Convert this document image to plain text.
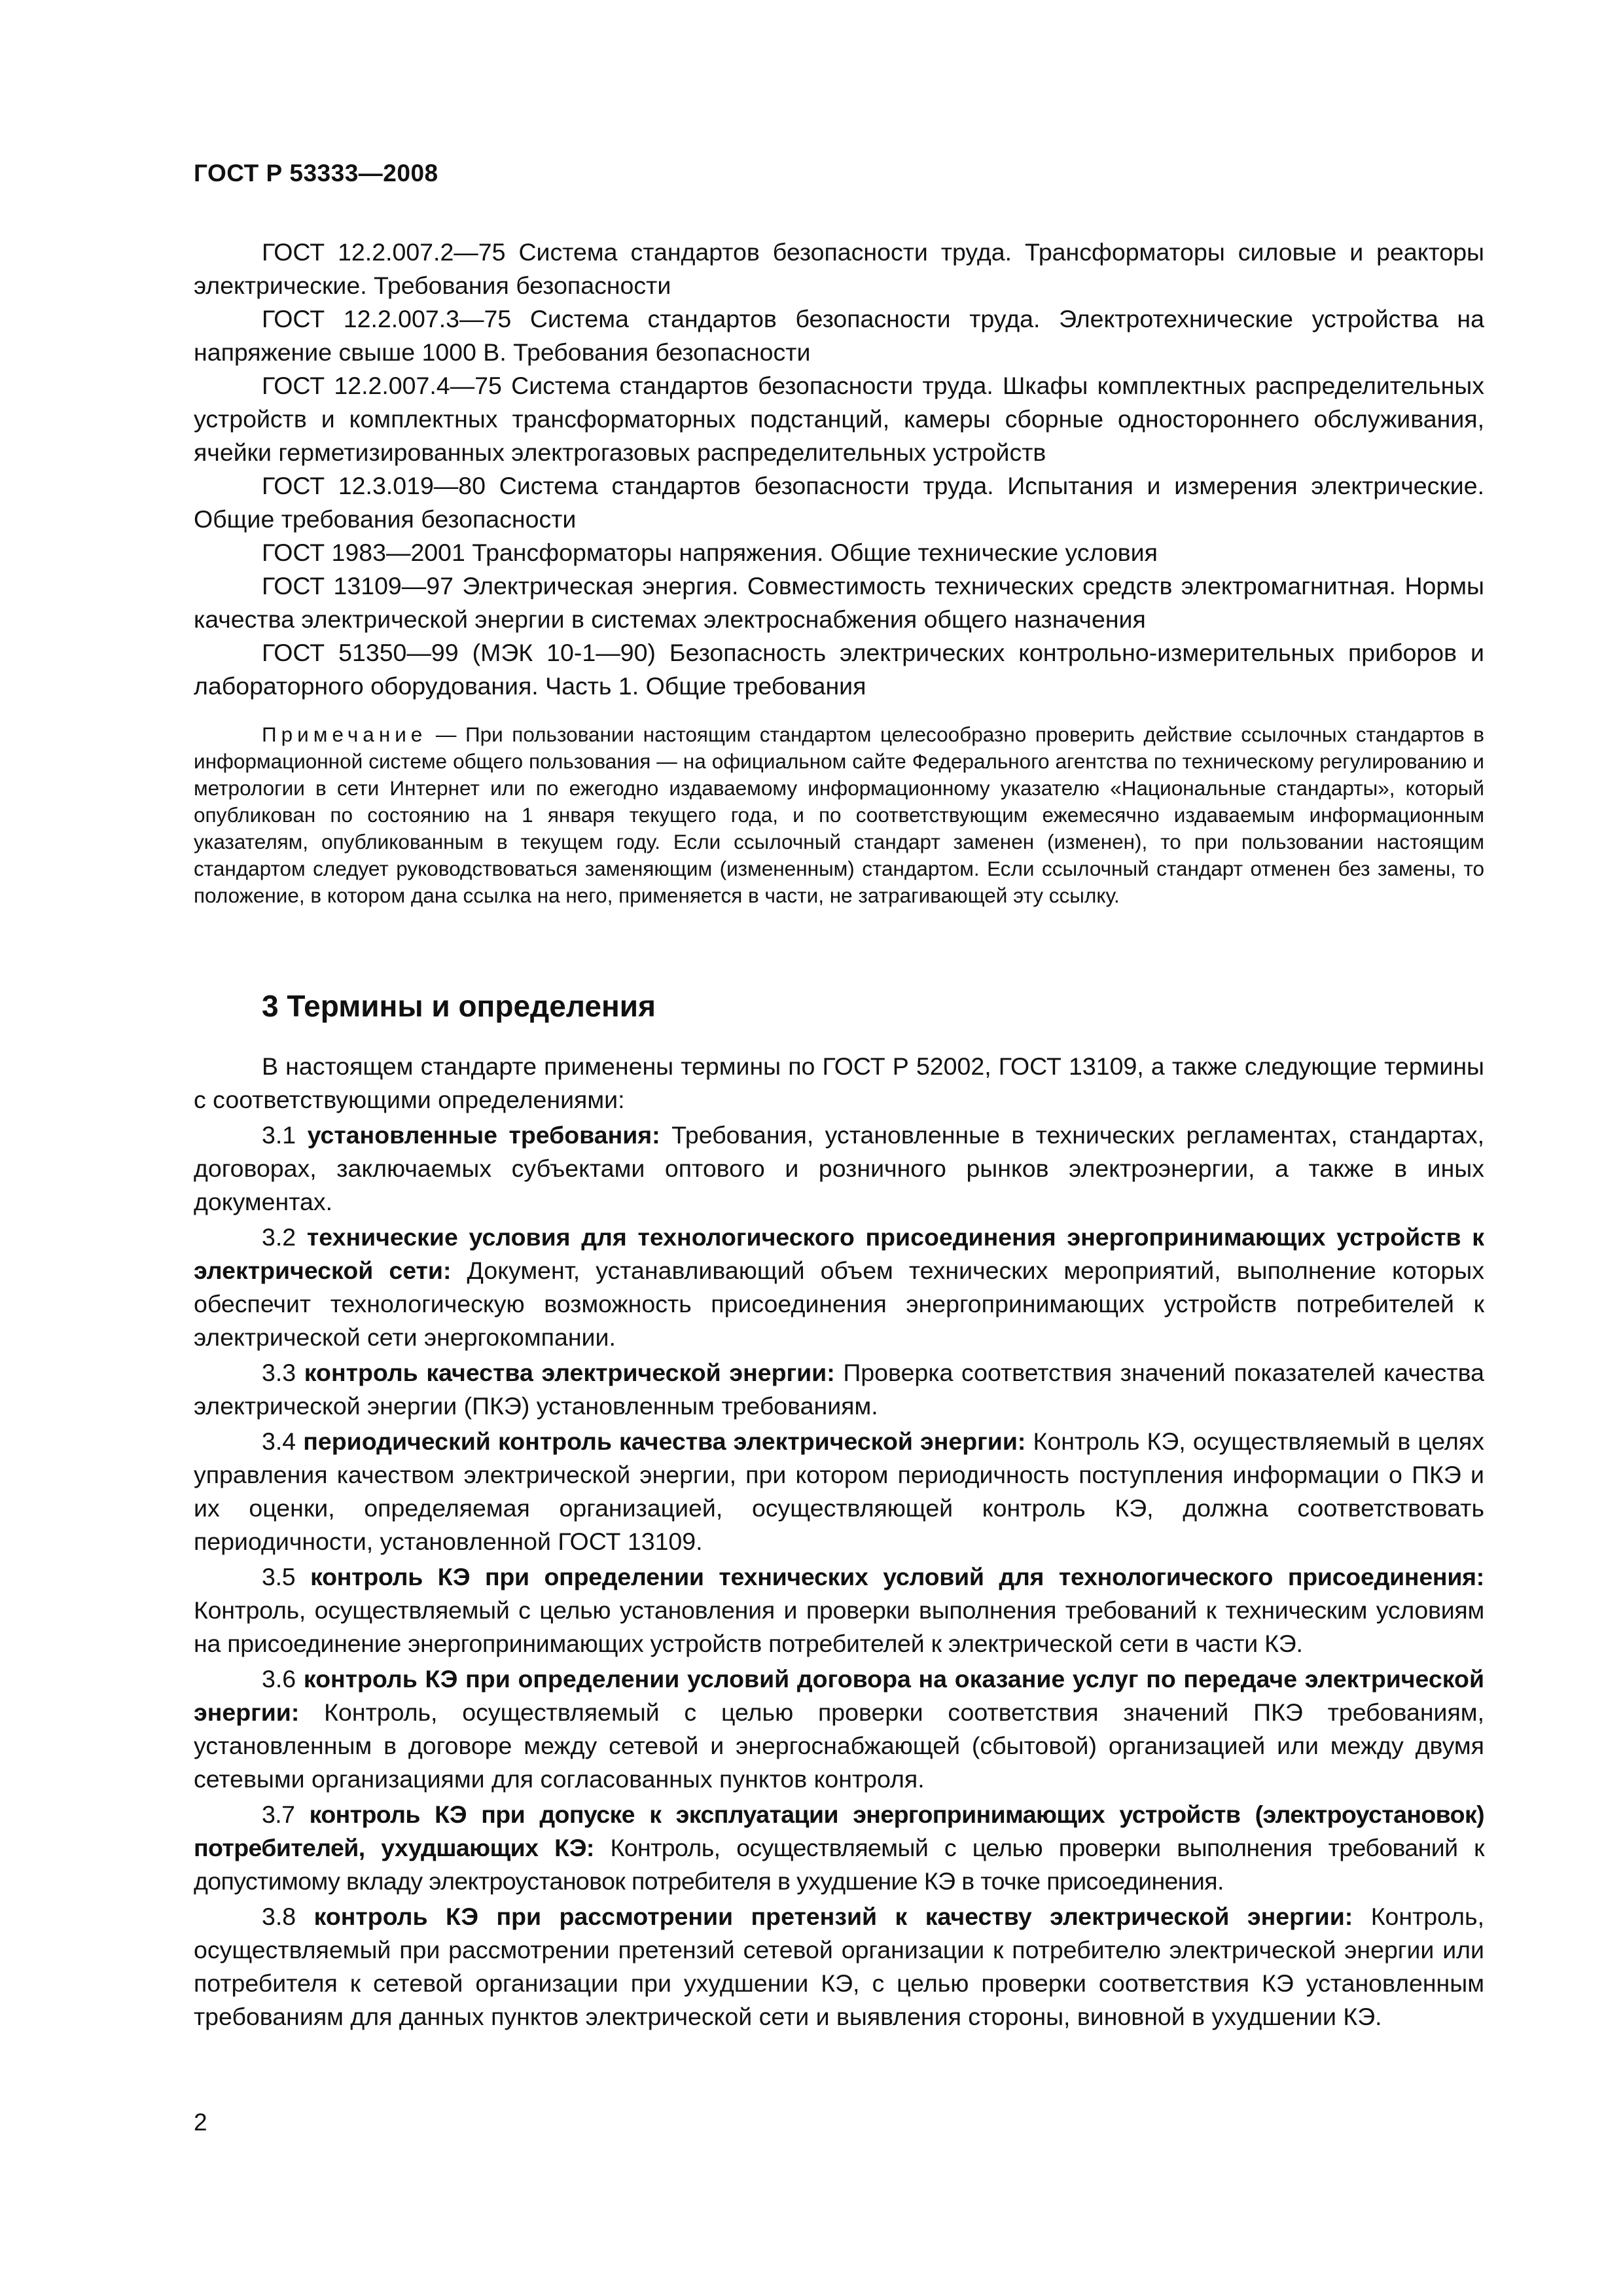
ГОСТ Р 53333—2008

ГОСТ 12.2.007.2—75 Система стандартов безопасности труда. Трансформаторы силовые и реакторы электрические. Требования безопасности

ГОСТ 12.2.007.3—75 Система стандартов безопасности труда. Электротехнические устройства на напряжение свыше 1000 В. Требования безопасности

ГОСТ 12.2.007.4—75 Система стандартов безопасности труда. Шкафы комплектных распределительных устройств и комплектных трансформаторных подстанций, камеры сборные одностороннего обслуживания, ячейки герметизированных электрогазовых распределительных устройств

ГОСТ 12.3.019—80 Система стандартов безопасности труда. Испытания и измерения электрические. Общие требования безопасности

ГОСТ 1983—2001 Трансформаторы напряжения. Общие технические условия

ГОСТ 13109—97 Электрическая энергия. Совместимость технических средств электромагнитная. Нормы качества электрической энергии в системах электроснабжения общего назначения

ГОСТ 51350—99 (МЭК 10-1—90) Безопасность электрических контрольно-измерительных приборов и лабораторного оборудования. Часть 1. Общие требования

Примечание — При пользовании настоящим стандартом целесообразно проверить действие ссылочных стандартов в информационной системе общего пользования — на официальном сайте Федерального агентства по техническому регулированию и метрологии в сети Интернет или по ежегодно издаваемому информационному указателю «Национальные стандарты», который опубликован по состоянию на 1 января текущего года, и по соответствующим ежемесячно издаваемым информационным указателям, опубликованным в текущем году. Если ссылочный стандарт заменен (изменен), то при пользовании настоящим стандартом следует руководствоваться заменяющим (измененным) стандартом. Если ссылочный стандарт отменен без замены, то положение, в котором дана ссылка на него, применяется в части, не затрагивающей эту ссылку.

3 Термины и определения

В настоящем стандарте применены термины по ГОСТ Р 52002, ГОСТ 13109, а также следующие термины с соответствующими определениями:

3.1 установленные требования: Требования, установленные в технических регламентах, стандартах, договорах, заключаемых субъектами оптового и розничного рынков электроэнергии, а также в иных документах.

3.2 технические условия для технологического присоединения энергопринимающих устройств к электрической сети: Документ, устанавливающий объем технических мероприятий, выполнение которых обеспечит технологическую возможность присоединения энергопринимающих устройств потребителей к электрической сети энергокомпании.

3.3 контроль качества электрической энергии: Проверка соответствия значений показателей качества электрической энергии (ПКЭ) установленным требованиям.

3.4 периодический контроль качества электрической энергии: Контроль КЭ, осуществляемый в целях управления качеством электрической энергии, при котором периодичность поступления информации о ПКЭ и их оценки, определяемая организацией, осуществляющей контроль КЭ, должна соответствовать периодичности, установленной ГОСТ 13109.

3.5 контроль КЭ при определении технических условий для технологического присоединения: Контроль, осуществляемый с целью установления и проверки выполнения требований к техническим условиям на присоединение энергопринимающих устройств потребителей к электрической сети в части КЭ.

3.6 контроль КЭ при определении условий договора на оказание услуг по передаче электрической энергии: Контроль, осуществляемый с целью проверки соответствия значений ПКЭ требованиям, установленным в договоре между сетевой и энергоснабжающей (сбытовой) организацией или между двумя сетевыми организациями для согласованных пунктов контроля.

3.7 контроль КЭ при допуске к эксплуатации энергопринимающих устройств (электроустановок) потребителей, ухудшающих КЭ: Контроль, осуществляемый с целью проверки выполнения требований к допустимому вкладу электроустановок потребителя в ухудшение КЭ в точке присоединения.

3.8 контроль КЭ при рассмотрении претензий к качеству электрической энергии: Контроль, осуществляемый при рассмотрении претензий сетевой организации к потребителю электрической энергии или потребителя к сетевой организации при ухудшении КЭ, с целью проверки соответствия КЭ установленным требованиям для данных пунктов электрической сети и выявления стороны, виновной в ухудшении КЭ.

2
